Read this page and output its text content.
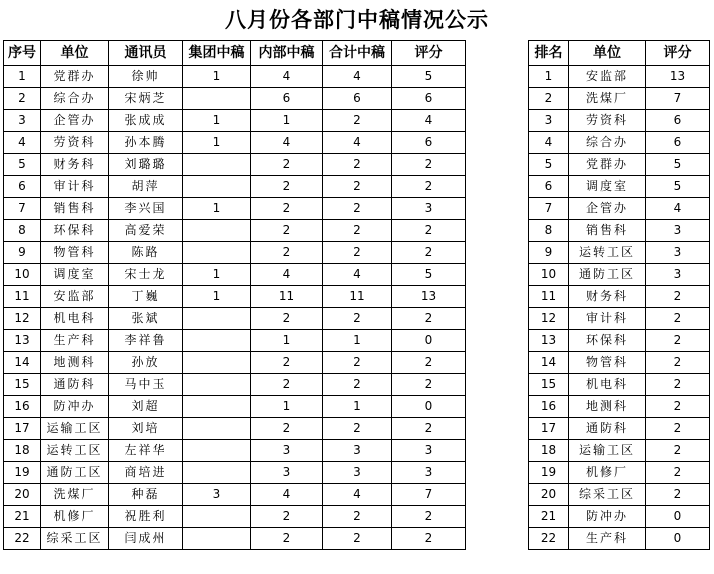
八月份各部门中稿情况公示
序号	单位	通讯员	集团中稿	内部中稿	合计中稿	评分
1	党群办	徐帅	1	4	4	5
2	综合办	宋炳芝		6	6	6
3	企管办	张成成	1	1	2	4
4	劳资科	孙本腾	1	4	4	6
5	财务科	刘璐璐		2	2	2
6	审计科	胡萍		2	2	2
7	销售科	李兴国	1	2	2	3
8	环保科	高爱荣		2	2	2
9	物管科	陈路		2	2	2
10	调度室	宋士龙	1	4	4	5
11	安监部	丁巍	1	11	11	13
12	机电科	张斌		2	2	2
13	生产科	李祥鲁		1	1	0
14	地测科	孙放		2	2	2
15	通防科	马中玉		2	2	2
16	防冲办	刘超		1	1	0
17	运输工区	刘培		2	2	2
18	运转工区	左祥华		3	3	3
19	通防工区	商培进		3	3	3
20	洗煤厂	种磊	3	4	4	7
21	机修厂	祝胜利		2	2	2
22	综采工区	闫成州		2	2	2
排名	单位	评分
1	安监部	13
2	洗煤厂	7
3	劳资科	6
4	综合办	6
5	党群办	5
6	调度室	5
7	企管办	4
8	销售科	3
9	运转工区	3
10	通防工区	3
11	财务科	2
12	审计科	2
13	环保科	2
14	物管科	2
15	机电科	2
16	地测科	2
17	通防科	2
18	运输工区	2
19	机修厂	2
20	综采工区	2
21	防冲办	0
22	生产科	0
